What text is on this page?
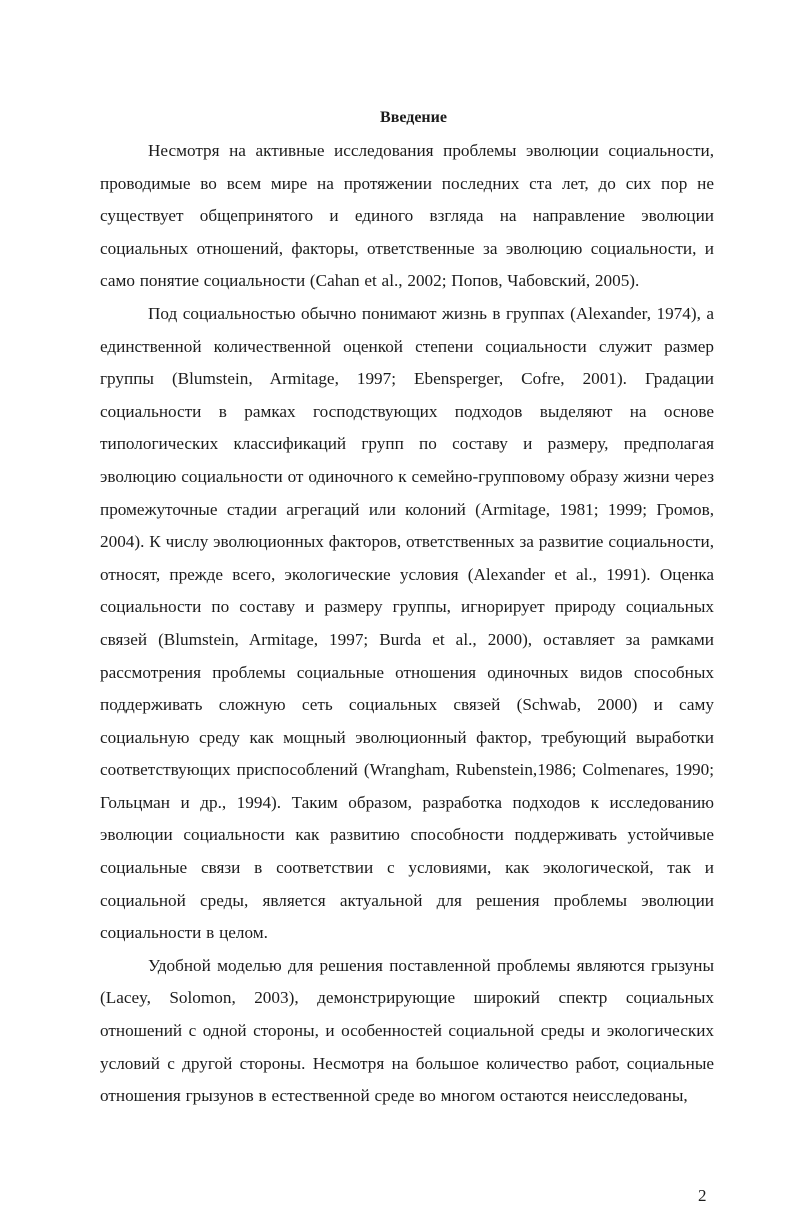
Введение

Несмотря на активные исследования проблемы эволюции социальности, проводимые во всем мире на протяжении последних ста лет, до сих пор не существует общепринятого и единого взгляда на направление эволюции социальных отношений, факторы, ответственные за эволюцию социальности, и само понятие социальности (Cahan et al., 2002; Попов, Чабовский, 2005).

Под социальностью обычно понимают жизнь в группах (Alexander, 1974), а единственной количественной оценкой степени социальности служит размер группы (Blumstein, Armitage, 1997; Ebensperger, Cofre, 2001). Градации социальности в рамках господствующих подходов выделяют на основе типологических классификаций групп по составу и размеру, предполагая эволюцию социальности от одиночного к семейно-групповому образу жизни через промежуточные стадии агрегаций или колоний (Armitage, 1981; 1999; Громов, 2004). К числу эволюционных факторов, ответственных за развитие социальности, относят, прежде всего, экологические условия (Alexander et al., 1991). Оценка социальности по составу и размеру группы, игнорирует природу социальных связей (Blumstein, Armitage, 1997; Burda et al., 2000), оставляет за рамками рассмотрения проблемы социальные отношения одиночных видов способных поддерживать сложную сеть социальных связей (Schwab, 2000) и саму социальную среду как мощный эволюционный фактор, требующий выработки соответствующих приспособлений (Wrangham, Rubenstein,1986; Colmenares, 1990; Гольцман и др., 1994). Таким образом, разработка подходов к исследованию эволюции социальности как развитию способности поддерживать устойчивые социальные связи в соответствии с условиями, как экологической, так и социальной среды, является актуальной для решения проблемы эволюции социальности в целом.

Удобной моделью для решения поставленной проблемы являются грызуны (Lacey, Solomon, 2003), демонстрирующие широкий спектр социальных отношений с одной стороны, и особенностей социальной среды и экологических условий с другой стороны. Несмотря на большое количество работ, социальные отношения грызунов в естественной среде во многом остаются неисследованы,

2
